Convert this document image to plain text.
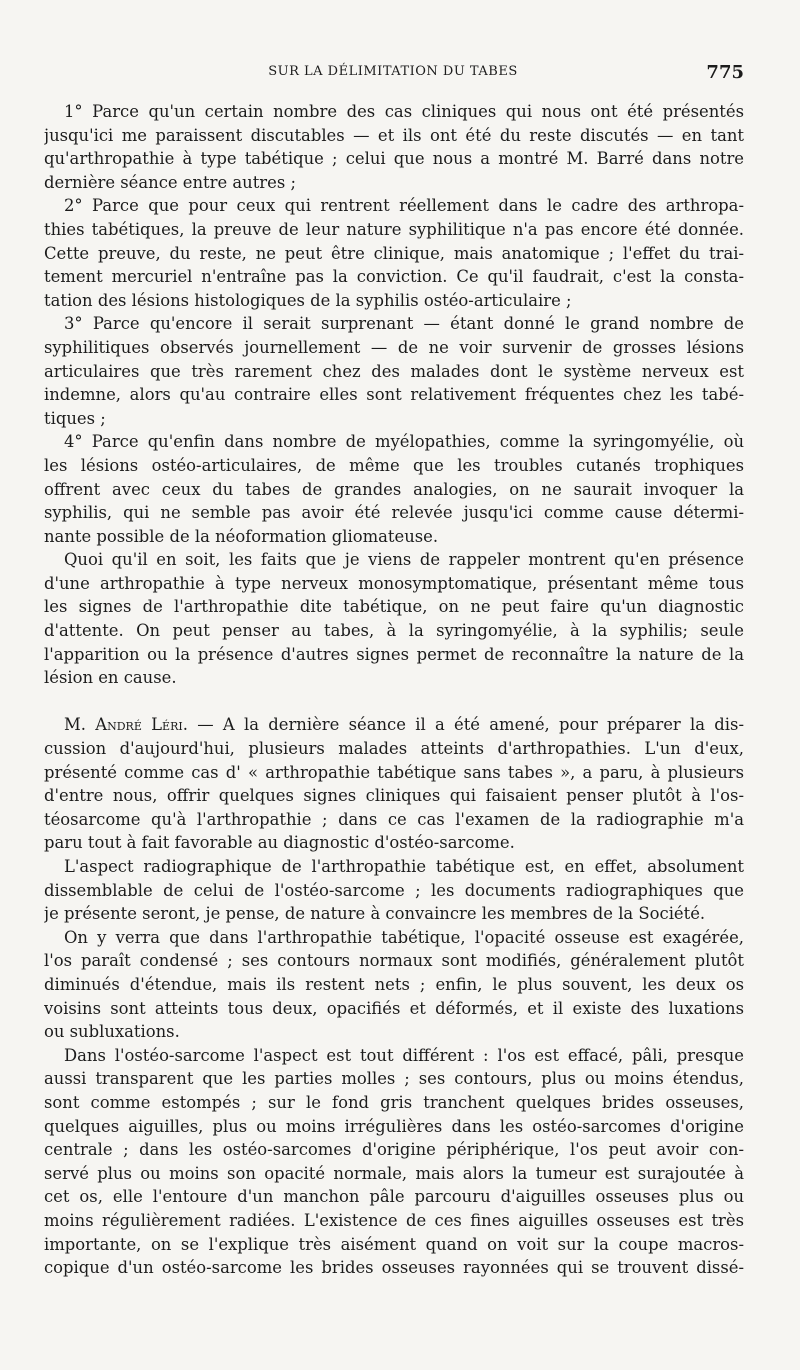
SUR LA DÉLIMITATION DU TABES	775
1° Parce qu'un certain nombre des cas cliniques qui nous ont été présentés
jusqu'ici me paraissent discutables — et ils ont été du reste discutés — en tant
qu'arthropathie à type tabétique ; celui que nous a montré M. Barré dans notre
dernière séance entre autres ;
2° Parce que pour ceux qui rentrent réellement dans le cadre des arthropa-
thies tabétiques, la preuve de leur nature syphilitique n'a pas encore été donnée.
Cette preuve, du reste, ne peut être clinique, mais anatomique ; l'effet du trai-
tement mercuriel n'entraîne pas la conviction. Ce qu'il faudrait, c'est la consta-
tation des lésions histologiques de la syphilis ostéo-articulaire ;
3° Parce qu'encore il serait surprenant — étant donné le grand nombre de
syphilitiques observés journellement — de ne voir survenir de grosses lésions
articulaires que très rarement chez des malades dont le système nerveux est
indemne, alors qu'au contraire elles sont relativement fréquentes chez les tabé-
tiques ;
4° Parce qu'enfin dans nombre de myélopathies, comme la syringomyélie, où
les lésions ostéo-articulaires, de même que les troubles cutanés trophiques
offrent avec ceux du tabes de grandes analogies, on ne saurait invoquer la
syphilis, qui ne semble pas avoir été relevée jusqu'ici comme cause détermi-
nante possible de la néoformation gliomateuse.
Quoi qu'il en soit, les faits que je viens de rappeler montrent qu'en présence
d'une arthropathie à type nerveux monosymptomatique, présentant même tous
les signes de l'arthropathie dite tabétique, on ne peut faire qu'un diagnostic
d'attente. On peut penser au tabes, à la syringomyélie, à la syphilis; seule
l'apparition ou la présence d'autres signes permet de reconnaître la nature de la
lésion en cause.
M. André Léri. — A la dernière séance il a été amené, pour préparer la dis-
cussion d'aujourd'hui, plusieurs malades atteints d'arthropathies. L'un d'eux,
présenté comme cas d' « arthropathie tabétique sans tabes », a paru, à plusieurs
d'entre nous, offrir quelques signes cliniques qui faisaient penser plutôt à l'os-
téosarcome qu'à l'arthropathie ; dans ce cas l'examen de la radiographie m'a
paru tout à fait favorable au diagnostic d'ostéo-sarcome.
L'aspect radiographique de l'arthropathie tabétique est, en effet, absolument
dissemblable de celui de l'ostéo-sarcome ; les documents radiographiques que
je présente seront, je pense, de nature à convaincre les membres de la Société.
On y verra que dans l'arthropathie tabétique, l'opacité osseuse est exagérée,
l'os paraît condensé ; ses contours normaux sont modifiés, généralement plutôt
diminués d'étendue, mais ils restent nets ; enfin, le plus souvent, les deux os
voisins sont atteints tous deux, opacifiés et déformés, et il existe des luxations
ou subluxations.
Dans l'ostéo-sarcome l'aspect est tout différent : l'os est effacé, pâli, presque
aussi transparent que les parties molles ; ses contours, plus ou moins étendus,
sont comme estompés ; sur le fond gris tranchent quelques brides osseuses,
quelques aiguilles, plus ou moins irrégulières dans les ostéo-sarcomes d'origine
centrale ; dans les ostéo-sarcomes d'origine périphérique, l'os peut avoir con-
servé plus ou moins son opacité normale, mais alors la tumeur est surajoutée à
cet os, elle l'entoure d'un manchon pâle parcouru d'aiguilles osseuses plus ou
moins régulièrement radiées. L'existence de ces fines aiguilles osseuses est très
importante, on se l'explique très aisément quand on voit sur la coupe macros-
copique d'un ostéo-sarcome les brides osseuses rayonnées qui se trouvent dissé-
